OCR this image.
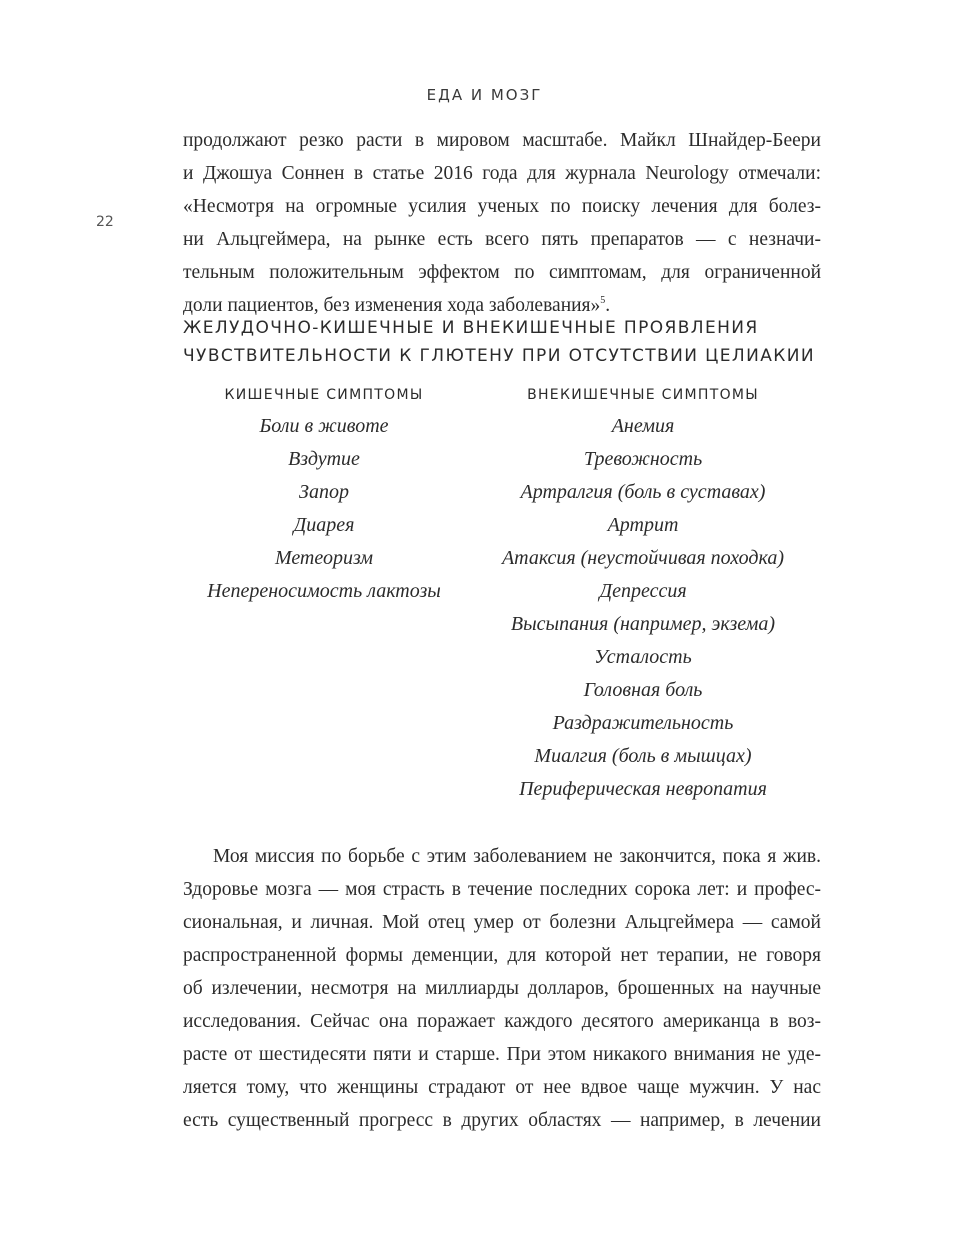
ЕДА И МОЗГ
22
продолжают резко расти в мировом масштабе. Майкл Шнайдер-Беери
и Джошуа Соннен в статье 2016 года для журнала Neurology отмечали:
«Несмотря на огромные усилия ученых по поиску лечения для болез-
ни Альцгеймера, на рынке есть всего пять препаратов — с незначи-
тельным положительным эффектом по симптомам, для ограниченной
доли пациентов, без изменения хода заболевания»$^5$.
ЖЕЛУДОЧНО-КИШЕЧНЫЕ И ВНЕКИШЕЧНЫЕ ПРОЯВЛЕНИЯ
ЧУВСТВИТЕЛЬНОСТИ К ГЛЮТЕНУ ПРИ ОТСУТСТВИИ ЦЕЛИАКИИ
КИШЕЧНЫЕ СИМПТОМЫ
Боли в животе
Вздутие
Запор
Диарея
Метеоризм
Непереносимость лактозы
ВНЕКИШЕЧНЫЕ СИМПТОМЫ
Анемия
Тревожность
Артралгия (боль в суставах)
Артрит
Атаксия (неустойчивая походка)
Депрессия
Высыпания (например, экзема)
Усталость
Головная боль
Раздражительность
Миалгия (боль в мышцах)
Периферическая невропатия
Моя миссия по борьбе с этим заболеванием не закончится, пока я жив.
Здоровье мозга — моя страсть в течение последних сорока лет: и профес-
сиональная, и личная. Мой отец умер от болезни Альцгеймера — самой
распространенной формы деменции, для которой нет терапии, не говоря
об излечении, несмотря на миллиарды долларов, брошенных на научные
исследования. Сейчас она поражает каждого десятого американца в воз-
расте от шестидесяти пяти и старше. При этом никакого внимания не уде-
ляется тому, что женщины страдают от нее вдвое чаще мужчин. У нас
есть существенный прогресс в других областях — например, в лечении
